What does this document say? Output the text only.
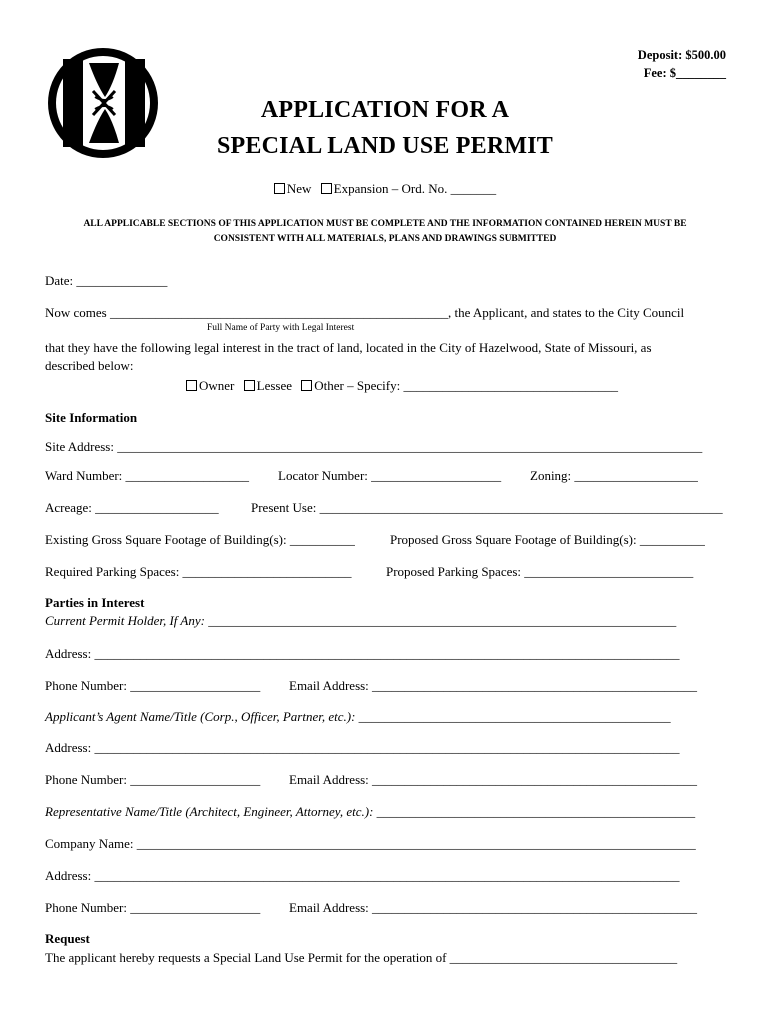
Deposit: $500.00
Fee: $________
APPLICATION FOR A
SPECIAL LAND USE PERMIT
New Expansion – Ord. No. _______
ALL APPLICABLE SECTIONS OF THIS APPLICATION MUST BE COMPLETE AND THE INFORMATION CONTAINED HEREIN MUST BE
CONSISTENT WITH ALL MATERIALS, PLANS AND DRAWINGS SUBMITTED
Date: ______________
Now comes ____________________________________________________, the Applicant, and states to the City Council
Full Name of Party with Legal Interest
that they have the following legal interest in the tract of land, located in the City of Hazelwood, State of Missouri, as
described below:
Owner Lessee Other – Specify: _________________________________
Site Information
Site Address: __________________________________________________________________________________________
Ward Number: ___________________ Locator Number: ____________________ Zoning: ___________________
Acreage: ___________________ Present Use: ______________________________________________________________
Existing Gross Square Footage of Building(s): __________	Proposed Gross Square Footage of Building(s): __________
Required Parking Spaces: __________________________	Proposed Parking Spaces: __________________________
Parties in Interest
Current Permit Holder, If Any: ________________________________________________________________________
Address: __________________________________________________________________________________________
Phone Number: ____________________ Email Address: __________________________________________________
Applicant’s Agent Name/Title (Corp., Officer, Partner, etc.): ________________________________________________
Address: __________________________________________________________________________________________
Phone Number: ____________________ Email Address: __________________________________________________
Representative Name/Title (Architect, Engineer, Attorney, etc.): _________________________________________________
Company Name: ______________________________________________________________________________________
Address: __________________________________________________________________________________________
Phone Number: ____________________ Email Address: __________________________________________________
Request
The applicant hereby requests a Special Land Use Permit for the operation of ___________________________________
